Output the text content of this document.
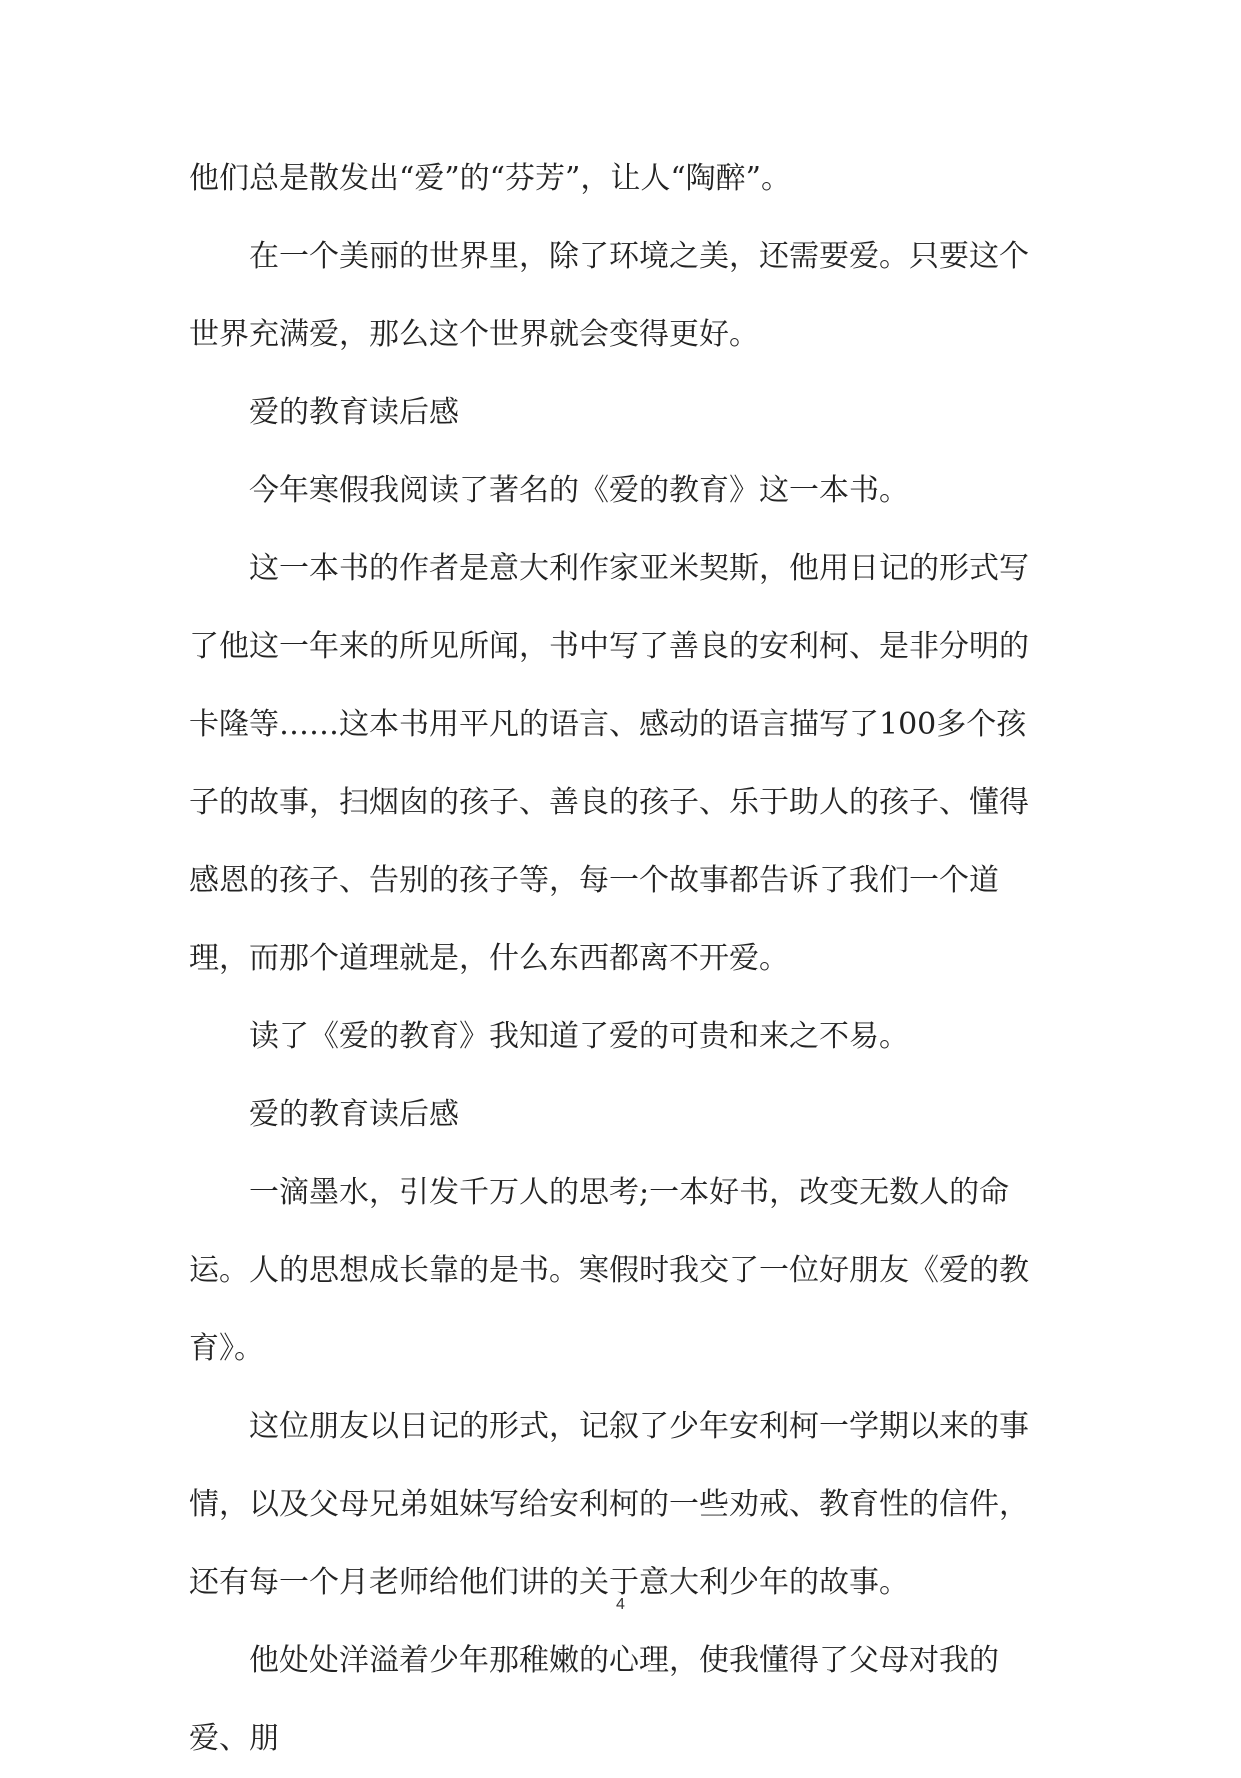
他们总是散发出“爱”的“芬芳”，让人“陶醉”。

在一个美丽的世界里，除了环境之美，还需要爱。只要这个世界充满爱，那么这个世界就会变得更好。

爱的教育读后感

今年寒假我阅读了著名的《爱的教育》这一本书。

这一本书的作者是意大利作家亚米契斯，他用日记的形式写了他这一年来的所见所闻，书中写了善良的安利柯、是非分明的卡隆等……这本书用平凡的语言、感动的语言描写了100多个孩子的故事，扫烟囱的孩子、善良的孩子、乐于助人的孩子、懂得感恩的孩子、告别的孩子等，每一个故事都告诉了我们一个道理，而那个道理就是，什么东西都离不开爱。

读了《爱的教育》我知道了爱的可贵和来之不易。

爱的教育读后感

一滴墨水，引发千万人的思考;一本好书，改变无数人的命运。人的思想成长靠的是书。寒假时我交了一位好朋友《爱的教育》。

这位朋友以日记的形式，记叙了少年安利柯一学期以来的事情，以及父母兄弟姐妹写给安利柯的一些劝戒、教育性的信件，还有每一个月老师给他们讲的关于意大利少年的故事。

他处处洋溢着少年那稚嫩的心理，使我懂得了父母对我的爱、朋

4
